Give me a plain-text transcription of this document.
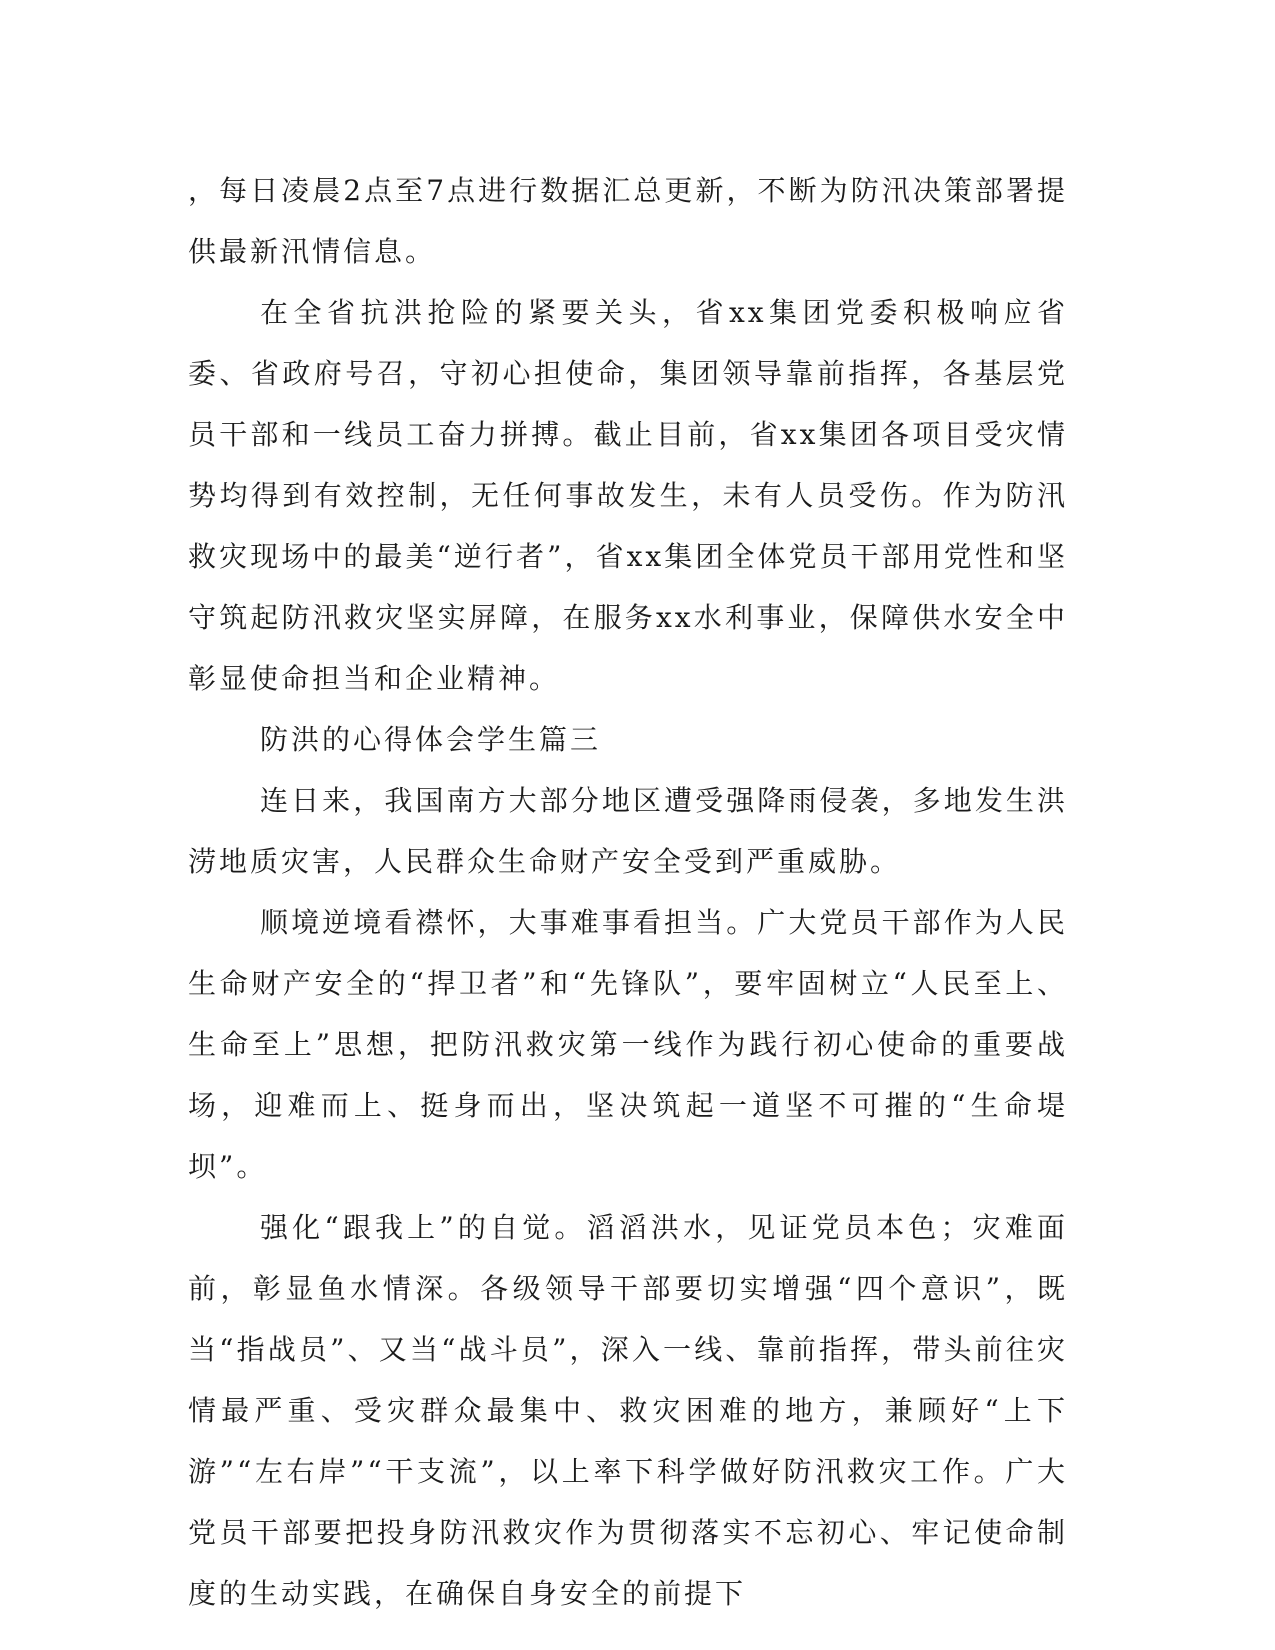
，每日凌晨2点至7点进行数据汇总更新，不断为防汛决策部署提供最新汛情信息。

在全省抗洪抢险的紧要关头，省xx集团党委积极响应省委、省政府号召，守初心担使命，集团领导靠前指挥，各基层党员干部和一线员工奋力拼搏。截止目前，省xx集团各项目受灾情势均得到有效控制，无任何事故发生，未有人员受伤。作为防汛救灾现场中的最美“逆行者”，省xx集团全体党员干部用党性和坚守筑起防汛救灾坚实屏障，在服务xx水利事业，保障供水安全中彰显使命担当和企业精神。

防洪的心得体会学生篇三

连日来，我国南方大部分地区遭受强降雨侵袭，多地发生洪涝地质灾害，人民群众生命财产安全受到严重威胁。

顺境逆境看襟怀，大事难事看担当。广大党员干部作为人民生命财产安全的“捍卫者”和“先锋队”，要牢固树立“人民至上、生命至上”思想，把防汛救灾第一线作为践行初心使命的重要战场，迎难而上、挺身而出，坚决筑起一道坚不可摧的“生命堤坝”。

强化“跟我上”的自觉。滔滔洪水，见证党员本色；灾难面前，彰显鱼水情深。各级领导干部要切实增强“四个意识”，既当“指战员”、又当“战斗员”，深入一线、靠前指挥，带头前往灾情最严重、受灾群众最集中、救灾困难的地方，兼顾好“上下游”“左右岸”“干支流”，以上率下科学做好防汛救灾工作。广大党员干部要把投身防汛救灾作为贯彻落实不忘初心、牢记使命制度的生动实践，在确保自身安全的前提下
